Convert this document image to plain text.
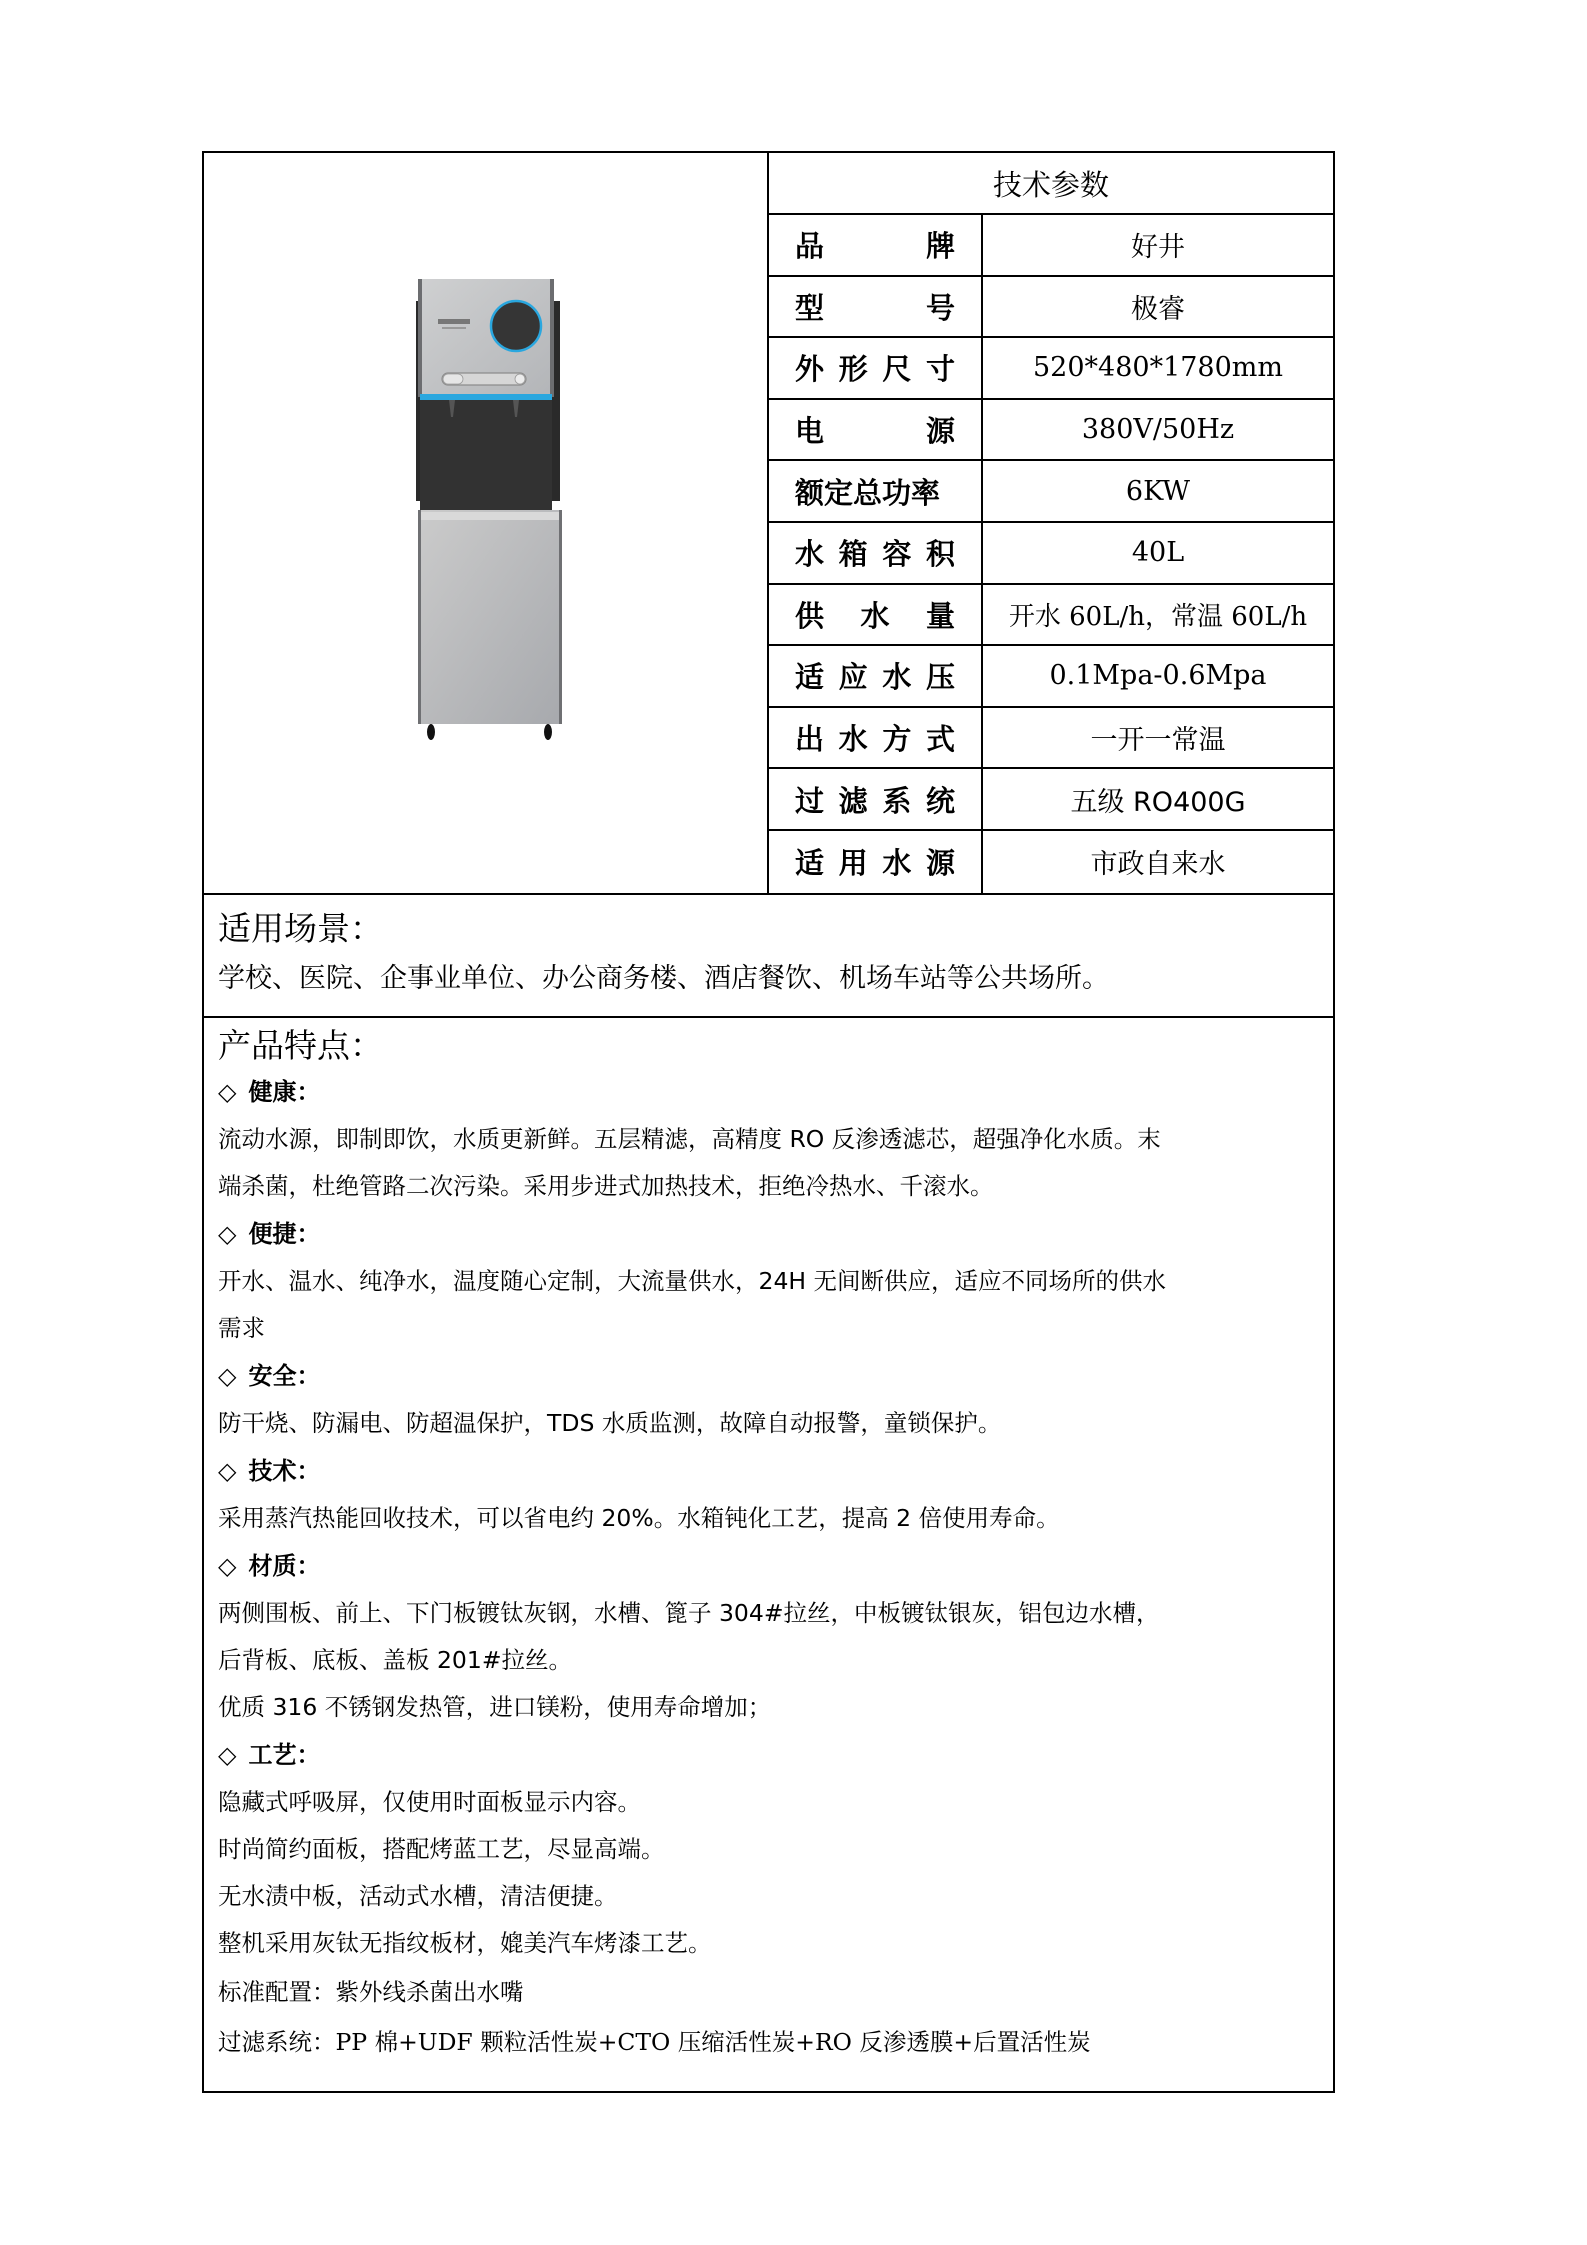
技术参数
品	牌	好井
型	号	极睿
外 形 尺 寸	520*480*1780mm
电	源	380V/50Hz
额定总功率	6KW
水 箱 容 积	40L
供 水 量	开水 60L/h，常温 60L/h
适 应 水 压	0.1Mpa-0.6Mpa
出 水 方 式	一开一常温
过 滤 系 统	五级 RO400G
适 用 水 源	市政自来水
适用场景：
学校、医院、企事业单位、办公商务楼、酒店餐饮、机场车站等公共场所。
产品特点：
◇ 健康：
流动水源，即制即饮，水质更新鲜。五层精滤，高精度 RO 反渗透滤芯，超强净化水质。末
端杀菌，杜绝管路二次污染。采用步进式加热技术，拒绝冷热水、千滚水。
◇ 便捷：
开水、温水、纯净水，温度随心定制，大流量供水，24H 无间断供应，适应不同场所的供水
需求
◇ 安全：
防干烧、防漏电、防超温保护，TDS 水质监测，故障自动报警，童锁保护。
◇ 技术：
采用蒸汽热能回收技术，可以省电约 20%。水箱钝化工艺，提高 2 倍使用寿命。
◇ 材质：
两侧围板、前上、下门板镀钛灰钢，水槽、篦子 304#拉丝，中板镀钛银灰，铝包边水槽，
后背板、底板、盖板 201#拉丝。
优质 316 不锈钢发热管，进口镁粉，使用寿命增加；
◇ 工艺：
隐藏式呼吸屏，仅使用时面板显示内容。
时尚简约面板，搭配烤蓝工艺，尽显高端。
无水渍中板，活动式水槽，清洁便捷。
整机采用灰钛无指纹板材，媲美汽车烤漆工艺。
标准配置：紫外线杀菌出水嘴
过滤系统：PP 棉+UDF 颗粒活性炭+CTO 压缩活性炭+RO 反渗透膜+后置活性炭
